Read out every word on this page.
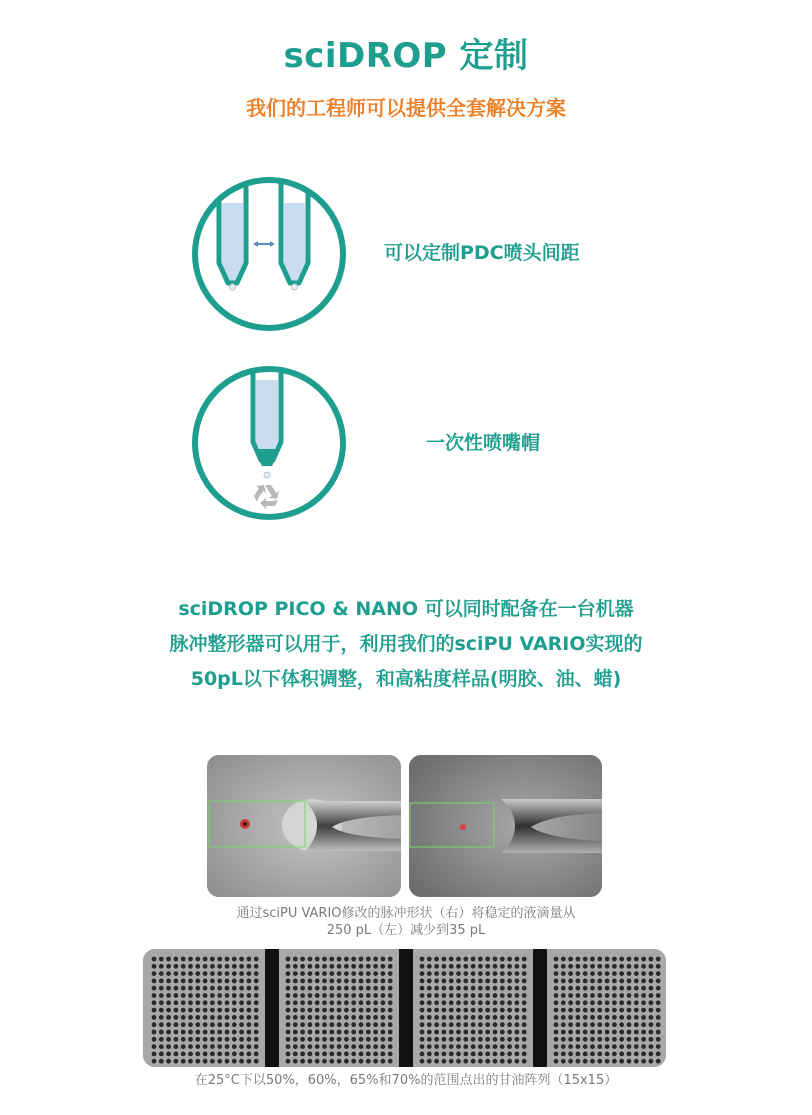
sciDROP 定制
我们的工程师可以提供全套解决方案
可以定制PDC喷头间距
一次性喷嘴帽
sciDROP PICO & NANO 可以同时配备在一台机器
脉冲整形器可以用于，利用我们的sciPU VARIO实现的
50pL以下体积调整，和高粘度样品(明胶、油、蜡)
通过sciPU VARIO修改的脉冲形状（右）将稳定的液滴量从
250 pL（左）减少到35 pL
在25°C下以50%，60%，65%和70%的范围点出的甘油阵列（15x15）
